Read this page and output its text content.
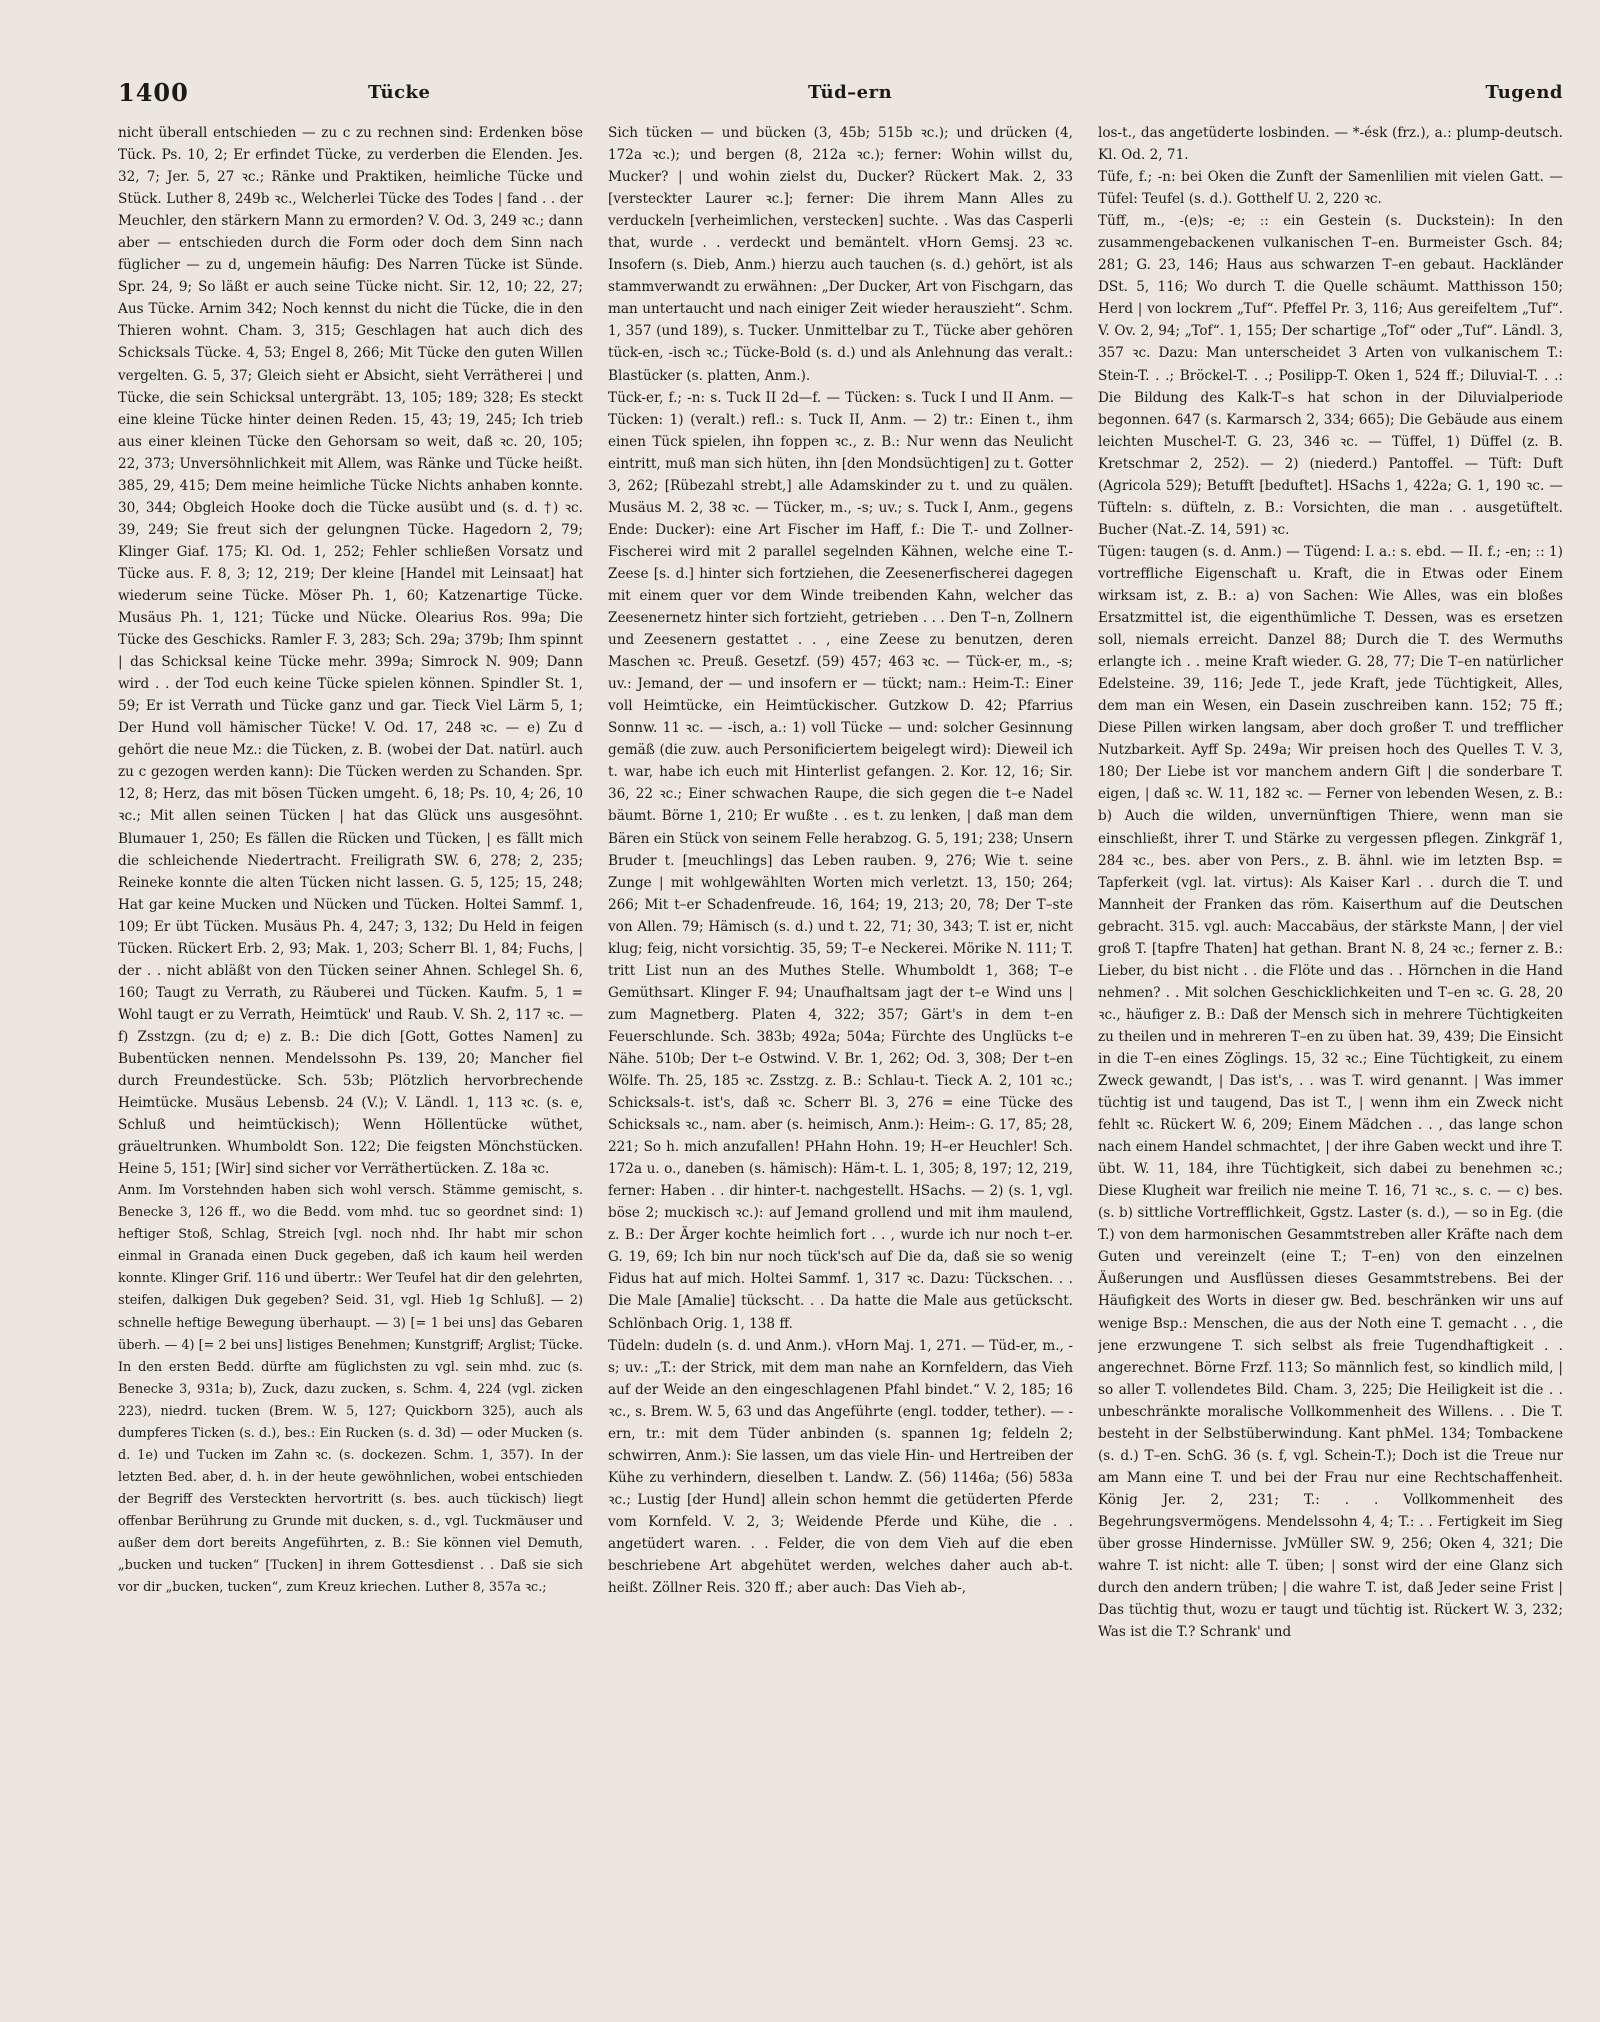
1400	Tücke	Tüd–ern	Tugend

nicht überall entschieden — zu c zu rechnen sind: Erdenken böse Tück. Ps. 10, 2; Er erfindet Tücke, zu verderben die Elenden. Jes. 32, 7; Jer. 5, 27 ꝛc.; Ränke und Praktiken, heimliche Tücke und Stück. Luther 8, 249b ꝛc., Welcherlei Tücke des Todes | fand . . der Meuchler, den stärkern Mann zu ermorden? V. Od. 3, 249 ꝛc.; dann aber — entschieden durch die Form oder doch dem Sinn nach füglicher — zu d, ungemein häufig: Des Narren Tücke ist Sünde. Spr. 24, 9; So läßt er auch seine Tücke nicht. Sir. 12, 10; 22, 27; Aus Tücke. Arnim 342; Noch kennst du nicht die Tücke, die in den Thieren wohnt. Cham. 3, 315; Geschlagen hat auch dich des Schicksals Tücke. 4, 53; Engel 8, 266; Mit Tücke den guten Willen vergelten. G. 5, 37; Gleich sieht er Absicht, sieht Verrätherei | und Tücke, die sein Schicksal untergräbt. 13, 105; 189; 328; Es steckt eine kleine Tücke hinter deinen Reden. 15, 43; 19, 245; Ich trieb aus einer kleinen Tücke den Gehorsam so weit, daß ꝛc. 20, 105; 22, 373; Unversöhnlichkeit mit Allem, was Ränke und Tücke heißt. 385, 29, 415; Dem meine heimliche Tücke Nichts anhaben konnte. 30, 344; Obgleich Hooke doch die Tücke ausübt und (s. d. †) ꝛc. 39, 249; Sie freut sich der gelungnen Tücke. Hagedorn 2, 79; Klinger Giaf. 175; Kl. Od. 1, 252; Fehler schließen Vorsatz und Tücke aus. F. 8, 3; 12, 219; Der kleine [Handel mit Leinsaat] hat wiederum seine Tücke. Möser Ph. 1, 60; Katzenartige Tücke. Musäus Ph. 1, 121; Tücke und Nücke. Olearius Ros. 99a; Die Tücke des Geschicks. Ramler F. 3, 283; Sch. 29a; 379b; Ihm spinnt | das Schicksal keine Tücke mehr. 399a; Simrock N. 909; Dann wird . . der Tod euch keine Tücke spielen können. Spindler St. 1, 59; Er ist Verrath und Tücke ganz und gar. Tieck Viel Lärm 5, 1; Der Hund voll hämischer Tücke! V. Od. 17, 248 ꝛc. — e) Zu d gehört die neue Mz.: die Tücken, z. B. (wobei der Dat. natürl. auch zu c gezogen werden kann): Die Tücken werden zu Schanden. Spr. 12, 8; Herz, das mit bösen Tücken umgeht. 6, 18; Ps. 10, 4; 26, 10 ꝛc.; Mit allen seinen Tücken | hat das Glück uns ausgesöhnt. Blumauer 1, 250; Es fällen die Rücken und Tücken, | es fällt mich die schleichende Niedertracht. Freiligrath SW. 6, 278; 2, 235; Reineke konnte die alten Tücken nicht lassen. G. 5, 125; 15, 248; Hat gar keine Mucken und Nücken und Tücken. Holtei Sammf. 1, 109; Er übt Tücken. Musäus Ph. 4, 247; 3, 132; Du Held in feigen Tücken. Rückert Erb. 2, 93; Mak. 1, 203; Scherr Bl. 1, 84; Fuchs, | der . . nicht abläßt von den Tücken seiner Ahnen. Schlegel Sh. 6, 160; Taugt zu Verrath, zu Räuberei und Tücken. Kaufm. 5, 1 = Wohl taugt er zu Verrath, Heimtück' und Raub. V. Sh. 2, 117 ꝛc. — f) Zsstzgn. (zu d; e) z. B.: Die dich [Gott, Gottes Namen] zu Bubentücken nennen. Mendelssohn Ps. 139, 20; Mancher fiel durch Freundestücke. Sch. 53b; Plötzlich hervorbrechende Heimtücke. Musäus Lebensb. 24 (V.); V. Ländl. 1, 113 ꝛc. (s. e, Schluß und heimtückisch); Wenn Höllentücke wüthet, gräueltrunken. Whumboldt Son. 122; Die feigsten Mönchstücken. Heine 5, 151; [Wir] sind sicher vor Verräthertücken. Z. 18a ꝛc.

Anm. Im Vorstehnden haben sich wohl versch. Stämme gemischt, s. Benecke 3, 126 ff., wo die Bedd. vom mhd. tuc so geordnet sind: 1) heftiger Stoß, Schlag, Streich [vgl. noch nhd. Ihr habt mir schon einmal in Granada einen Duck gegeben, daß ich kaum heil werden konnte. Klinger Grif. 116 und übertr.: Wer Teufel hat dir den gelehrten, steifen, dalkigen Duk gegeben? Seid. 31, vgl. Hieb 1g Schluß]. — 2) schnelle heftige Bewegung überhaupt. — 3) [= 1 bei uns] das Gebaren überh. — 4) [= 2 bei uns] listiges Benehmen; Kunstgriff; Arglist; Tücke. In den ersten Bedd. dürfte am füglichsten zu vgl. sein mhd. zuc (s. Benecke 3, 931a; b), Zuck, dazu zucken, s. Schm. 4, 224 (vgl. zicken 223), niedrd. tucken (Brem. W. 5, 127; Quickborn 325), auch als dumpferes Ticken (s. d.), bes.: Ein Rucken (s. d. 3d) — oder Mucken (s. d. 1e) und Tucken im Zahn ꝛc. (s. dockezen. Schm. 1, 357). In der letzten Bed. aber, d. h. in der heute gewöhnlichen, wobei entschieden der Begriff des Versteckten hervortritt (s. bes. auch tückisch) liegt offenbar Berührung zu Grunde mit ducken, s. d., vgl. Tuckmäuser und außer dem dort bereits Angeführten, z. B.: Sie können viel Demuth, „bucken und tucken“ [Tucken] in ihrem Gottesdienst . . Daß sie sich vor dir „bucken, tucken“, zum Kreuz kriechen. Luther 8, 357a ꝛc.;

Sich tücken — und bücken (3, 45b; 515b ꝛc.); und drücken (4, 172a ꝛc.); und bergen (8, 212a ꝛc.); ferner: Wohin willst du, Mucker? | und wohin zielst du, Ducker? Rückert Mak. 2, 33 [versteckter Laurer ꝛc.]; ferner: Die ihrem Mann Alles zu verduckeln [verheimlichen, verstecken] suchte. . Was das Casperli that, wurde . . verdeckt und bemäntelt. vHorn Gemsj. 23 ꝛc. Insofern (s. Dieb, Anm.) hierzu auch tauchen (s. d.) gehört, ist als stammverwandt zu erwähnen: „Der Ducker, Art von Fischgarn, das man untertaucht und nach einiger Zeit wieder herauszieht“. Schm. 1, 357 (und 189), s. Tucker. Unmittelbar zu T., Tücke aber gehören tück-en, -isch ꝛc.; Tücke-Bold (s. d.) und als Anlehnung das veralt.: Blastücker (s. platten, Anm.).

Tück-er, f.; -n: s. Tuck II 2d—f. — Tücken: s. Tuck I und II Anm. — Tücken: 1) (veralt.) refl.: s. Tuck II, Anm. — 2) tr.: Einen t., ihm einen Tück spielen, ihn foppen ꝛc., z. B.: Nur wenn das Neulicht eintritt, muß man sich hüten, ihn [den Mondsüchtigen] zu t. Gotter 3, 262; [Rübezahl strebt,] alle Adamskinder zu t. und zu quälen. Musäus M. 2, 38 ꝛc. — Tücker, m., -s; uv.; s. Tuck I, Anm., gegens Ende: Ducker): eine Art Fischer im Haff, f.: Die T.- und Zollner-Fischerei wird mit 2 parallel segelnden Kähnen, welche eine T.-Zeese [s. d.] hinter sich fortziehen, die Zeesenerfischerei dagegen mit einem quer vor dem Winde treibenden Kahn, welcher das Zeesenernetz hinter sich fortzieht, getrieben . . . Den T–n, Zollnern und Zeesenern gestattet . . , eine Zeese zu benutzen, deren Maschen ꝛc. Preuß. Gesetzf. (59) 457; 463 ꝛc. — Tück-er, m., -s; uv.: Jemand, der — und insofern er — tückt; nam.: Heim-T.: Einer voll Heimtücke, ein Heimtückischer. Gutzkow D. 42; Pfarrius Sonnw. 11 ꝛc. — -isch, a.: 1) voll Tücke — und: solcher Gesinnung gemäß (die zuw. auch Personificiertem beigelegt wird): Dieweil ich t. war, habe ich euch mit Hinterlist gefangen. 2. Kor. 12, 16; Sir. 36, 22 ꝛc.; Einer schwachen Raupe, die sich gegen die t–e Nadel bäumt. Börne 1, 210; Er wußte . . es t. zu lenken, | daß man dem Bären ein Stück von seinem Felle herabzog. G. 5, 191; 238; Unsern Bruder t. [meuchlings] das Leben rauben. 9, 276; Wie t. seine Zunge | mit wohlgewählten Worten mich verletzt. 13, 150; 264; 266; Mit t–er Schadenfreude. 16, 164; 19, 213; 20, 78; Der T–ste von Allen. 79; Hämisch (s. d.) und t. 22, 71; 30, 343; T. ist er, nicht klug; feig, nicht vorsichtig. 35, 59; T–e Neckerei. Mörike N. 111; T. tritt List nun an des Muthes Stelle. Whumboldt 1, 368; T–e Gemüthsart. Klinger F. 94; Unaufhaltsam jagt der t–e Wind uns | zum Magnetberg. Platen 4, 322; 357; Gärt's in dem t–en Feuerschlunde. Sch. 383b; 492a; 504a; Fürchte des Unglücks t–e Nähe. 510b; Der t–e Ostwind. V. Br. 1, 262; Od. 3, 308; Der t–en Wölfe. Th. 25, 185 ꝛc. Zsstzg. z. B.: Schlau-t. Tieck A. 2, 101 ꝛc.; Schicksals-t. ist's, daß ꝛc. Scherr Bl. 3, 276 = eine Tücke des Schicksals ꝛc., nam. aber (s. heimisch, Anm.): Heim-: G. 17, 85; 28, 221; So h. mich anzufallen! PHahn Hohn. 19; H–er Heuchler! Sch. 172a u. o., daneben (s. hämisch): Häm-t. L. 1, 305; 8, 197; 12, 219, ferner: Haben . . dir hinter-t. nachgestellt. HSachs. — 2) (s. 1, vgl. böse 2; muckisch ꝛc.): auf Jemand grollend und mit ihm maulend, z. B.: Der Ärger kochte heimlich fort . . , wurde ich nur noch t–er. G. 19, 69; Ich bin nur noch tück'sch auf Die da, daß sie so wenig Fidus hat auf mich. Holtei Sammf. 1, 317 ꝛc. Dazu: Tückschen. . . Die Male [Amalie] tückscht. . . Da hatte die Male aus getückscht. Schlönbach Orig. 1, 138 ff.

Tüdeln: dudeln (s. d. und Anm.). vHorn Maj. 1, 271. — Tüd-er, m., -s; uv.: „T.: der Strick, mit dem man nahe an Kornfeldern, das Vieh auf der Weide an den eingeschlagenen Pfahl bindet.“ V. 2, 185; 16 ꝛc., s. Brem. W. 5, 63 und das Angeführte (engl. todder, tether). — -ern, tr.: mit dem Tüder anbinden (s. spannen 1g; feldeln 2; schwirren, Anm.): Sie lassen, um das viele Hin- und Hertreiben der Kühe zu verhindern, dieselben t. Landw. Z. (56) 1146a; (56) 583a ꝛc.; Lustig [der Hund] allein schon hemmt die getüderten Pferde vom Kornfeld. V. 2, 3; Weidende Pferde und Kühe, die . . angetüdert waren. . . Felder, die von dem Vieh auf die eben beschriebene Art abgehütet werden, welches daher auch ab-t. heißt. Zöllner Reis. 320 ff.; aber auch: Das Vieh ab-,

los-t., das angetüderte losbinden. — *-ésk (frz.), a.: plump-deutsch. Kl. Od. 2, 71.

Tüfe, f.; -n: bei Oken die Zunft der Samenlilien mit vielen Gatt. — Tüfel: Teufel (s. d.). Gotthelf U. 2, 220 ꝛc.

Tüff, m., -(e)s; -e; ː: ein Gestein (s. Duckstein): In den zusammengebackenen vulkanischen T–en. Burmeister Gsch. 84; 281; G. 23, 146; Haus aus schwarzen T–en gebaut. Hackländer DSt. 5, 116; Wo durch T. die Quelle schäumt. Matthisson 150; Herd | von lockrem „Tuf“. Pfeffel Pr. 3, 116; Aus gereifeltem „Tuf“. V. Ov. 2, 94; „Tof“. 1, 155; Der schartige „Tof“ oder „Tuf“. Ländl. 3, 357 ꝛc. Dazu: Man unterscheidet 3 Arten von vulkanischem T.: Stein-T. . .; Bröckel-T. . .; Posilipp-T. Oken 1, 524 ff.; Diluvial-T. . .: Die Bildung des Kalk-T–s hat schon in der Diluvialperiode begonnen. 647 (s. Karmarsch 2, 334; 665); Die Gebäude aus einem leichten Muschel-T. G. 23, 346 ꝛc. — Tüffel, 1) Düffel (z. B. Kretschmar 2, 252). — 2) (niederd.) Pantoffel. — Tüft: Duft (Agricola 529); Betufft [beduftet]. HSachs 1, 422a; G. 1, 190 ꝛc. — Tüfteln: s. düfteln, z. B.: Vorsichten, die man . . ausgetüftelt. Bucher (Nat.-Z. 14, 591) ꝛc.

Tügen: taugen (s. d. Anm.) — Tügend: I. a.: s. ebd. — II. f.; -en; ː: 1) vortreffliche Eigenschaft u. Kraft, die in Etwas oder Einem wirksam ist, z. B.: a) von Sachen: Wie Alles, was ein bloßes Ersatzmittel ist, die eigenthümliche T. Dessen, was es ersetzen soll, niemals erreicht. Danzel 88; Durch die T. des Wermuths erlangte ich . . meine Kraft wieder. G. 28, 77; Die T–en natürlicher Edelsteine. 39, 116; Jede T., jede Kraft, jede Tüchtigkeit, Alles, dem man ein Wesen, ein Dasein zuschreiben kann. 152; 75 ff.; Diese Pillen wirken langsam, aber doch großer T. und trefflicher Nutzbarkeit. Ayff Sp. 249a; Wir preisen hoch des Quelles T. V. 3, 180; Der Liebe ist vor manchem andern Gift | die sonderbare T. eigen, | daß ꝛc. W. 11, 182 ꝛc. — Ferner von lebenden Wesen, z. B.: b) Auch die wilden, unvernünftigen Thiere, wenn man sie einschließt, ihrer T. und Stärke zu vergessen pflegen. Zinkgräf 1, 284 ꝛc., bes. aber von Pers., z. B. ähnl. wie im letzten Bsp. = Tapferkeit (vgl. lat. virtus): Als Kaiser Karl . . durch die T. und Mannheit der Franken das röm. Kaiserthum auf die Deutschen gebracht. 315. vgl. auch: Maccabäus, der stärkste Mann, | der viel groß T. [tapfre Thaten] hat gethan. Brant N. 8, 24 ꝛc.; ferner z. B.: Lieber, du bist nicht . . die Flöte und das . . Hörnchen in die Hand nehmen? . . Mit solchen Geschicklichkeiten und T–en ꝛc. G. 28, 20 ꝛc., häufiger z. B.: Daß der Mensch sich in mehrere Tüchtigkeiten zu theilen und in mehreren T–en zu üben hat. 39, 439; Die Einsicht in die T–en eines Zöglings. 15, 32 ꝛc.; Eine Tüchtigkeit, zu einem Zweck gewandt, | Das ist's, . . was T. wird genannt. | Was immer tüchtig ist und taugend, Das ist T., | wenn ihm ein Zweck nicht fehlt ꝛc. Rückert W. 6, 209; Einem Mädchen . . , das lange schon nach einem Handel schmachtet, | der ihre Gaben weckt und ihre T. übt. W. 11, 184, ihre Tüchtigkeit, sich dabei zu benehmen ꝛc.; Diese Klugheit war freilich nie meine T. 16, 71 ꝛc., s. c. — c) bes. (s. b) sittliche Vortrefflichkeit, Ggstz. Laster (s. d.), — so in Eg. (die T.) von dem harmonischen Gesammtstreben aller Kräfte nach dem Guten und vereinzelt (eine T.; T–en) von den einzelnen Äußerungen und Ausflüssen dieses Gesammtstrebens. Bei der Häufigkeit des Worts in dieser gw. Bed. beschränken wir uns auf wenige Bsp.: Menschen, die aus der Noth eine T. gemacht . . , die jene erzwungene T. sich selbst als freie Tugendhaftigkeit . . angerechnet. Börne Frzf. 113; So männlich fest, so kindlich mild, | so aller T. vollendetes Bild. Cham. 3, 225; Die Heiligkeit ist die . . unbeschränkte moralische Vollkommenheit des Willens. . . Die T. besteht in der Selbstüberwindung. Kant phMel. 134; Tombackene (s. d.) T–en. SchG. 36 (s. f, vgl. Schein-T.); Doch ist die Treue nur am Mann eine T. und bei der Frau nur eine Rechtschaffenheit. König Jer. 2, 231; T.: . . Vollkommenheit des Begehrungsvermögens. Mendelssohn 4, 4; T.: . . Fertigkeit im Sieg über grosse Hindernisse. JvMüller SW. 9, 256; Oken 4, 321; Die wahre T. ist nicht: alle T. üben; | sonst wird der eine Glanz sich durch den andern trüben; | die wahre T. ist, daß Jeder seine Frist | Das tüchtig thut, wozu er taugt und tüchtig ist. Rückert W. 3, 232; Was ist die T.? Schrank' und
